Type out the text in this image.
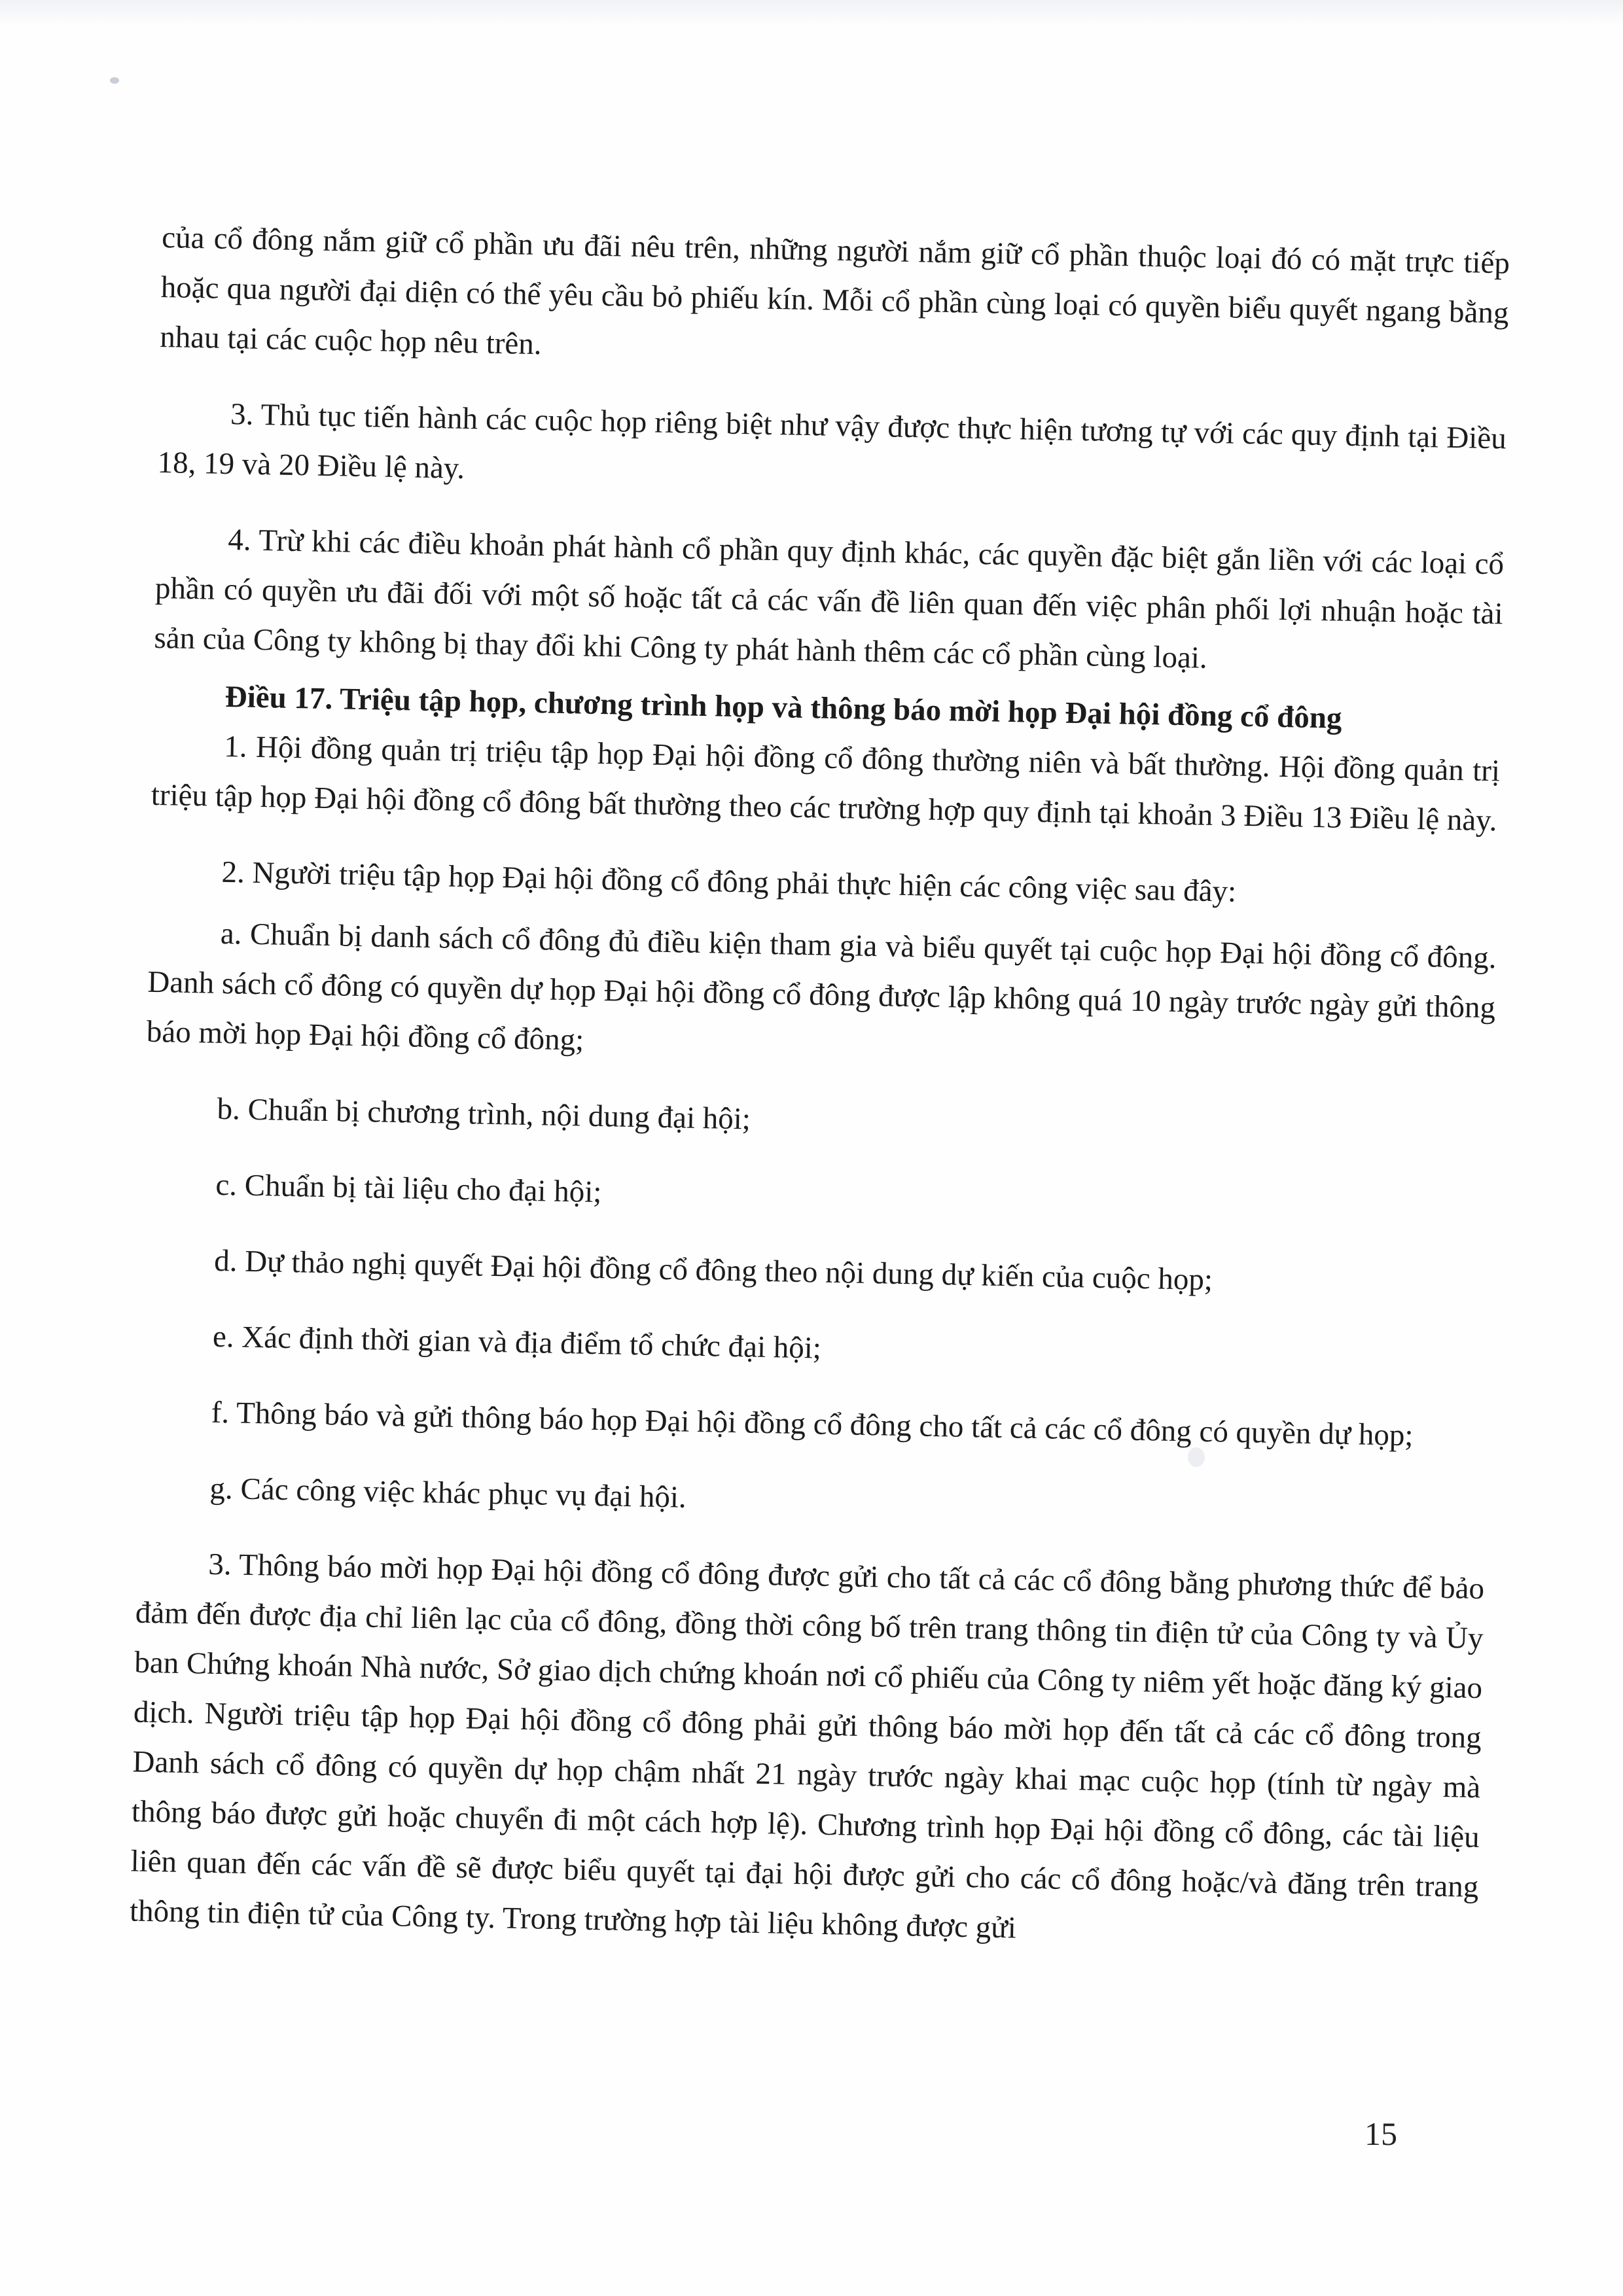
của cổ đông nắm giữ cổ phần ưu đãi nêu trên, những người nắm giữ cổ phần thuộc loại đó có mặt trực tiếp hoặc qua người đại diện có thể yêu cầu bỏ phiếu kín. Mỗi cổ phần cùng loại có quyền biểu quyết ngang bằng nhau tại các cuộc họp nêu trên.

3. Thủ tục tiến hành các cuộc họp riêng biệt như vậy được thực hiện tương tự với các quy định tại Điều 18, 19 và 20 Điều lệ này.

4. Trừ khi các điều khoản phát hành cổ phần quy định khác, các quyền đặc biệt gắn liền với các loại cổ phần có quyền ưu đãi đối với một số hoặc tất cả các vấn đề liên quan đến việc phân phối lợi nhuận hoặc tài sản của Công ty không bị thay đổi khi Công ty phát hành thêm các cổ phần cùng loại.

Điều 17. Triệu tập họp, chương trình họp và thông báo mời họp Đại hội đồng cổ đông

1. Hội đồng quản trị triệu tập họp Đại hội đồng cổ đông thường niên và bất thường. Hội đồng quản trị triệu tập họp Đại hội đồng cổ đông bất thường theo các trường hợp quy định tại khoản 3 Điều 13 Điều lệ này.

2. Người triệu tập họp Đại hội đồng cổ đông phải thực hiện các công việc sau đây:

a. Chuẩn bị danh sách cổ đông đủ điều kiện tham gia và biểu quyết tại cuộc họp Đại hội đồng cổ đông. Danh sách cổ đông có quyền dự họp Đại hội đồng cổ đông được lập không quá 10 ngày trước ngày gửi thông báo mời họp Đại hội đồng cổ đông;

b. Chuẩn bị chương trình, nội dung đại hội;

c. Chuẩn bị tài liệu cho đại hội;

d. Dự thảo nghị quyết Đại hội đồng cổ đông theo nội dung dự kiến của cuộc họp;

e. Xác định thời gian và địa điểm tổ chức đại hội;

f. Thông báo và gửi thông báo họp Đại hội đồng cổ đông cho tất cả các cổ đông có quyền dự họp;

g. Các công việc khác phục vụ đại hội.

3. Thông báo mời họp Đại hội đồng cổ đông được gửi cho tất cả các cổ đông bằng phương thức để bảo đảm đến được địa chỉ liên lạc của cổ đông, đồng thời công bố trên trang thông tin điện tử của Công ty và Ủy ban Chứng khoán Nhà nước, Sở giao dịch chứng khoán nơi cổ phiếu của Công ty niêm yết hoặc đăng ký giao dịch. Người triệu tập họp Đại hội đồng cổ đông phải gửi thông báo mời họp đến tất cả các cổ đông trong Danh sách cổ đông có quyền dự họp chậm nhất 21 ngày trước ngày khai mạc cuộc họp (tính từ ngày mà thông báo được gửi hoặc chuyển đi một cách hợp lệ). Chương trình họp Đại hội đồng cổ đông, các tài liệu liên quan đến các vấn đề sẽ được biểu quyết tại đại hội được gửi cho các cổ đông hoặc/và đăng trên trang thông tin điện tử của Công ty. Trong trường hợp tài liệu không được gửi

15
